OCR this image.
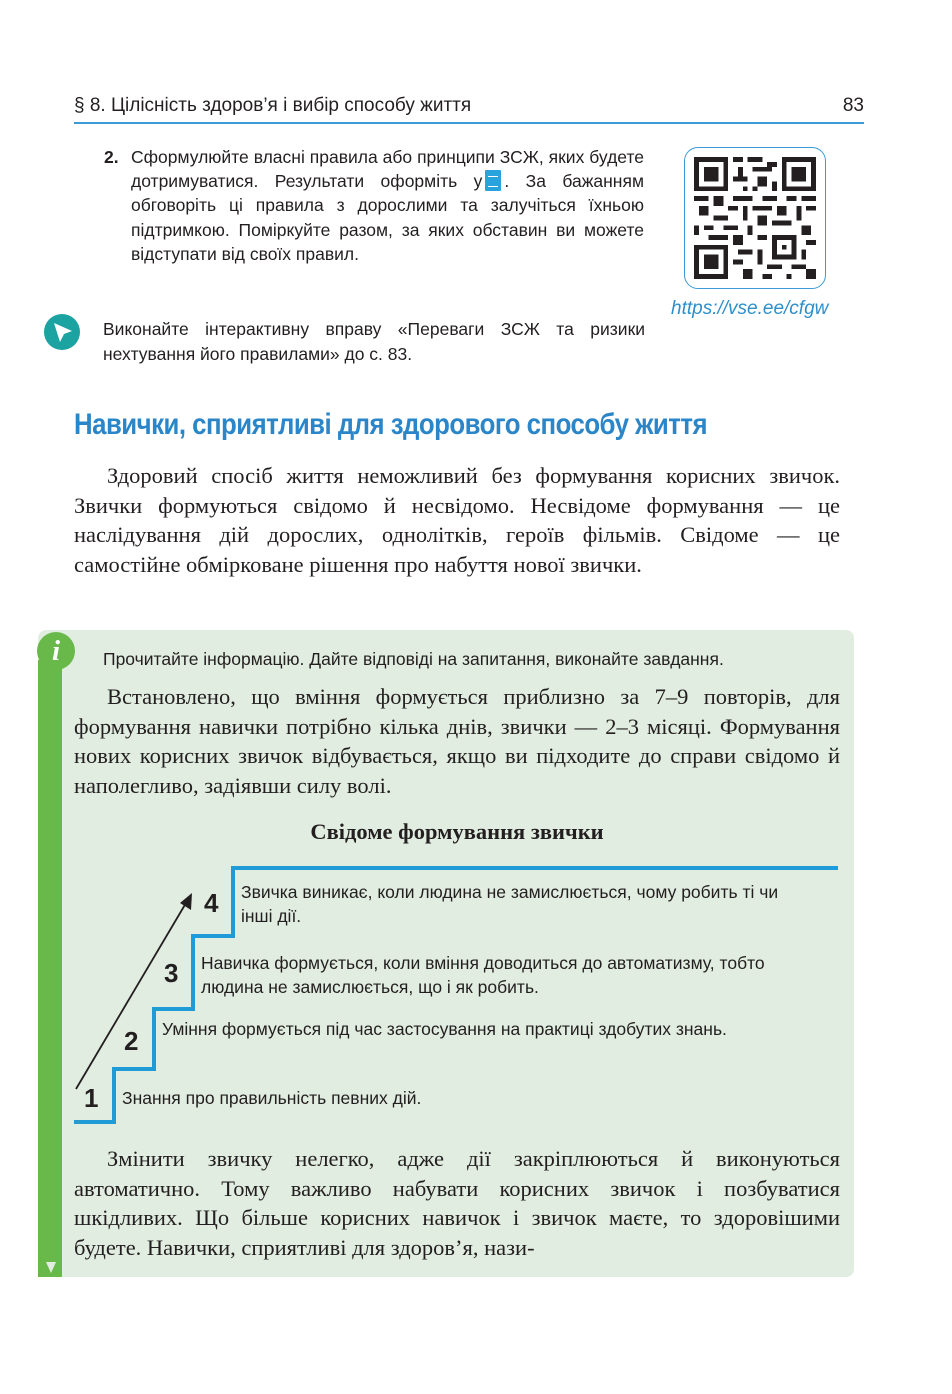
§ 8. Цілісність здоров’я і вибір способу життя	83
2. Сформулюйте власні правила або принципи ЗСЖ, яких будете дотримуватися. Результати оформіть у . За бажанням обговоріть ці правила з дорослими та залучіться їхньою підтримкою. Поміркуйте разом, за яких обставин ви можете відступати від своїх правил.
https://vse.ee/cfgw
Виконайте інтерактивну вправу «Переваги ЗСЖ та ризики нехтування його правилами» до с. 83.
Навички, сприятливі для здорового способу життя
Здоровий спосіб життя неможливий без формування корисних звичок. Звички формуються свідомо й несвідомо. Несвідоме формування — це наслідування дій дорослих, однолітків, героїв фільмів. Свідоме — це самостійне обмірковане рішення про набуття нової звички.
i	Прочитайте інформацію. Дайте відповіді на запитання, виконайте завдання.
Встановлено, що вміння формується приблизно за 7–9 повторів, для формування навички потрібно кілька днів, звички — 2–3 місяці. Формування нових корисних звичок відбувається, якщо ви підходите до справи свідомо й наполегливо, задіявши силу волі.
Свідоме формування звички
1 Знання про правильність певних дій.
2 Уміння формується під час застосування на практиці здобутих знань.
3 Навичка формується, коли вміння доводиться до автоматизму, тобто людина не замислюється, що і як робить.
4 Звичка виникає, коли людина не замислюється, чому робить ті чи інші дії.
Змінити звичку нелегко, адже дії закріплюються й виконуються автоматично. Тому важливо набувати корисних звичок і позбуватися шкідливих. Що більше корисних навичок і звичок маєте, то здоровішими будете. Навички, сприятливі для здоров’я, нази-
